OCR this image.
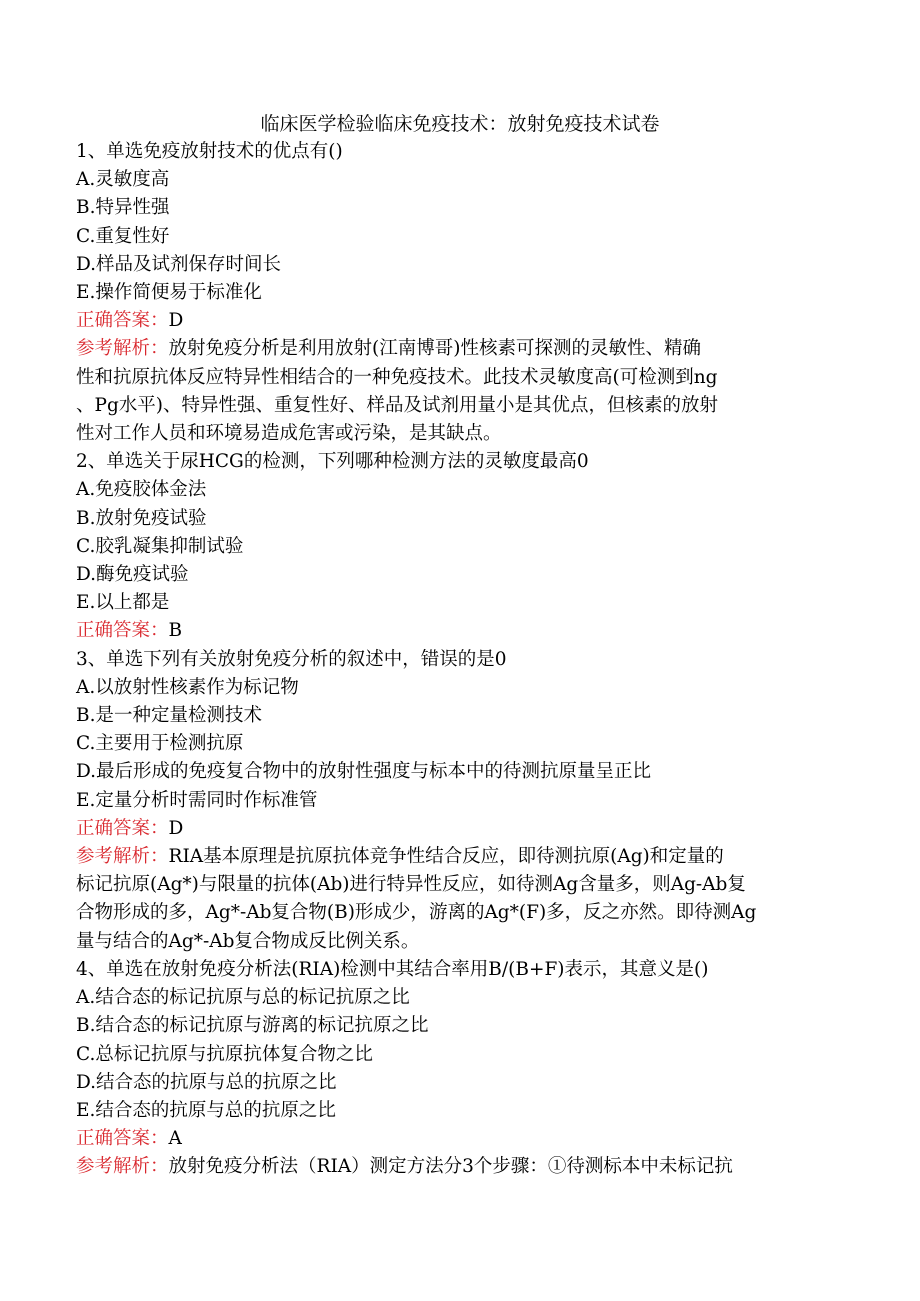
临床医学检验临床免疫技术：放射免疫技术试卷
1、单选免疫放射技术的优点有()
A.灵敏度高
B.特异性强
C.重复性好
D.样品及试剂保存时间长
E.操作简便易于标准化
正确答案：D
参考解析：放射免疫分析是利用放射(江南博哥)性核素可探测的灵敏性、精确
性和抗原抗体反应特异性相结合的一种免疫技术。此技术灵敏度高(可检测到ng
、Pg水平)、特异性强、重复性好、样品及试剂用量小是其优点，但核素的放射
性对工作人员和环境易造成危害或污染，是其缺点。
2、单选关于尿HCG的检测，下列哪种检测方法的灵敏度最高0
A.免疫胶体金法
B.放射免疫试验
C.胶乳凝集抑制试验
D.酶免疫试验
E.以上都是
正确答案：B
3、单选下列有关放射免疫分析的叙述中，错误的是0
A.以放射性核素作为标记物
B.是一种定量检测技术
C.主要用于检测抗原
D.最后形成的免疫复合物中的放射性强度与标本中的待测抗原量呈正比
E.定量分析时需同时作标准管
正确答案：D
参考解析：RIA基本原理是抗原抗体竞争性结合反应，即待测抗原(Ag)和定量的
标记抗原(Ag*)与限量的抗体(Ab)进行特异性反应，如待测Ag含量多，则Ag-Ab复
合物形成的多，Ag*-Ab复合物(B)形成少，游离的Ag*(F)多，反之亦然。即待测Ag
量与结合的Ag*-Ab复合物成反比例关系。
4、单选在放射免疫分析法(RIA)检测中其结合率用B/(B+F)表示，其意义是()
A.结合态的标记抗原与总的标记抗原之比
B.结合态的标记抗原与游离的标记抗原之比
C.总标记抗原与抗原抗体复合物之比
D.结合态的抗原与总的抗原之比
E.结合态的抗原与总的抗原之比
正确答案：A
参考解析：放射免疫分析法（RIA）测定方法分3个步骤：①待测标本中未标记抗
